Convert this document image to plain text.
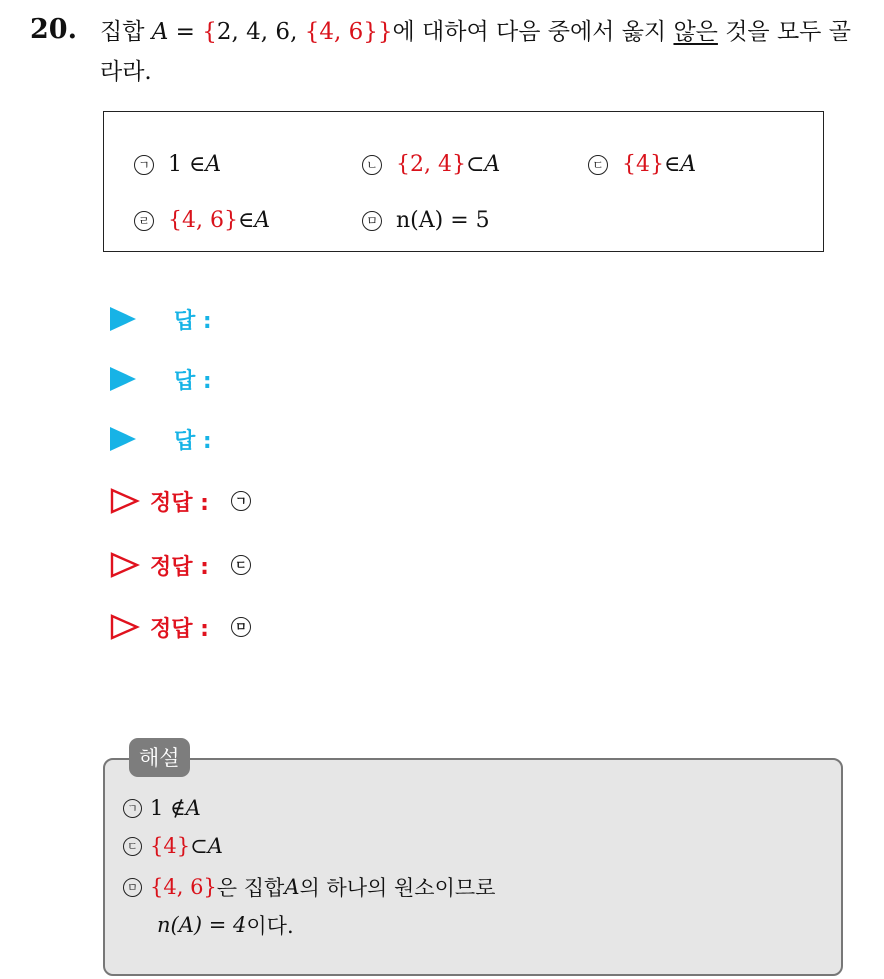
20. 집합 A = {2, 4, 6, {4, 6}}에 대하여 다음 중에서 옳지 않은 것을 모두 골라라.
ㄱ 1 ∈ A	ㄴ {2, 4} ⊂ A	ㄷ {4} ∈ A
ㄹ {4, 6} ∈ A	ㅁ n(A) = 5
답 :
답 :
답 :
정답 :	ㄱ
정답 :	ㄷ
정답 :	ㅁ
해설
ㄱ 1 ∉ A
ㄷ {4} ⊂ A
ㅁ {4, 6} 은 집합 A 의 하나의 원소이므로
n(A) = 4 이다.
